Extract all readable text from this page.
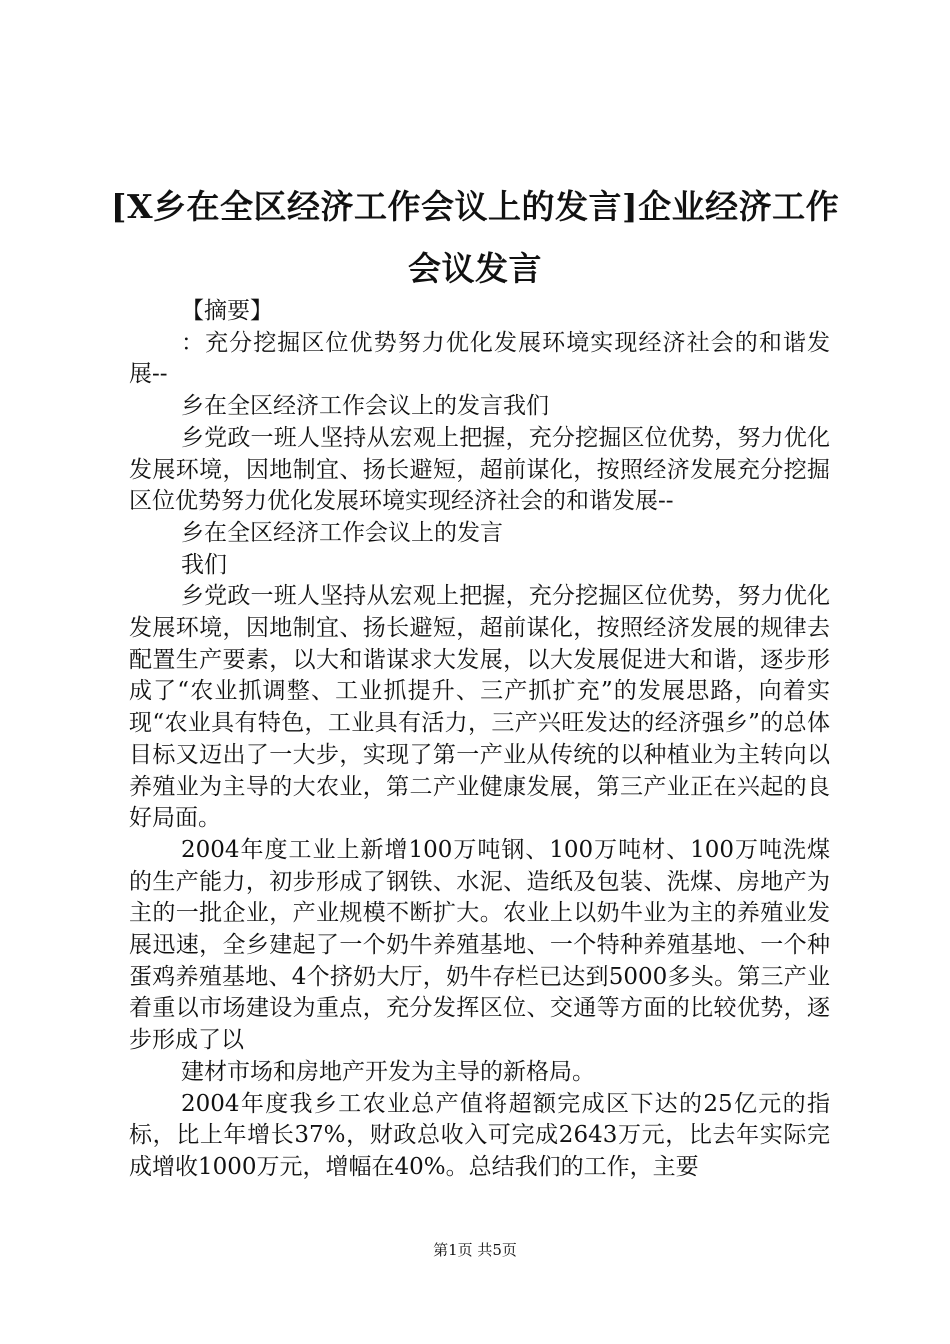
[X乡在全区经济工作会议上的发言]企业经济工作会议发言

【摘要】

：充分挖掘区位优势努力优化发展环境实现经济社会的和谐发展--

乡在全区经济工作会议上的发言我们

乡党政一班人坚持从宏观上把握，充分挖掘区位优势，努力优化发展环境，因地制宜、扬长避短，超前谋化，按照经济发展充分挖掘区位优势努力优化发展环境实现经济社会的和谐发展--

乡在全区经济工作会议上的发言

我们

乡党政一班人坚持从宏观上把握，充分挖掘区位优势，努力优化发展环境，因地制宜、扬长避短，超前谋化，按照经济发展的规律去配置生产要素，以大和谐谋求大发展，以大发展促进大和谐，逐步形成了“农业抓调整、工业抓提升、三产抓扩充”的发展思路，向着实现“农业具有特色，工业具有活力，三产兴旺发达的经济强乡”的总体目标又迈出了一大步，实现了第一产业从传统的以种植业为主转向以养殖业为主导的大农业，第二产业健康发展，第三产业正在兴起的良好局面。

2004年度工业上新增100万吨钢、100万吨材、100万吨洗煤的生产能力，初步形成了钢铁、水泥、造纸及包装、洗煤、房地产为主的一批企业，产业规模不断扩大。农业上以奶牛业为主的养殖业发展迅速，全乡建起了一个奶牛养殖基地、一个特种养殖基地、一个种蛋鸡养殖基地、4个挤奶大厅，奶牛存栏已达到5000多头。第三产业着重以市场建设为重点，充分发挥区位、交通等方面的比较优势，逐步形成了以

建材市场和房地产开发为主导的新格局。

2004年度我乡工农业总产值将超额完成区下达的25亿元的指标，比上年增长37%，财政总收入可完成2643万元，比去年实际完成增收1000万元，增幅在40%。总结我们的工作，主要

第1页 共5页
